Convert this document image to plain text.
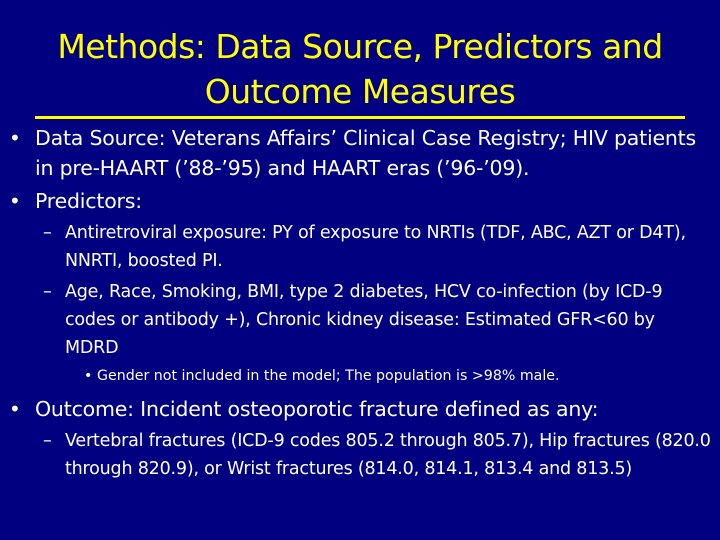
Methods: Data Source, Predictors and Outcome Measures
• Data Source: Veterans Affairs’ Clinical Case Registry; HIV patients in pre-HAART (’88-’95) and HAART eras (’96-’09).
• Predictors:
– Antiretroviral exposure: PY of exposure to NRTIs (TDF, ABC, AZT or D4T), NNRTI, boosted PI.
– Age, Race, Smoking, BMI, type 2 diabetes, HCV co-infection (by ICD-9 codes or antibody +), Chronic kidney disease: Estimated GFR<60 by MDRD
• Gender not included in the model; The population is >98% male.
• Outcome: Incident osteoporotic fracture defined as any:
– Vertebral fractures (ICD-9 codes 805.2 through 805.7), Hip fractures (820.0 through 820.9), or Wrist fractures (814.0, 814.1, 813.4 and 813.5)
